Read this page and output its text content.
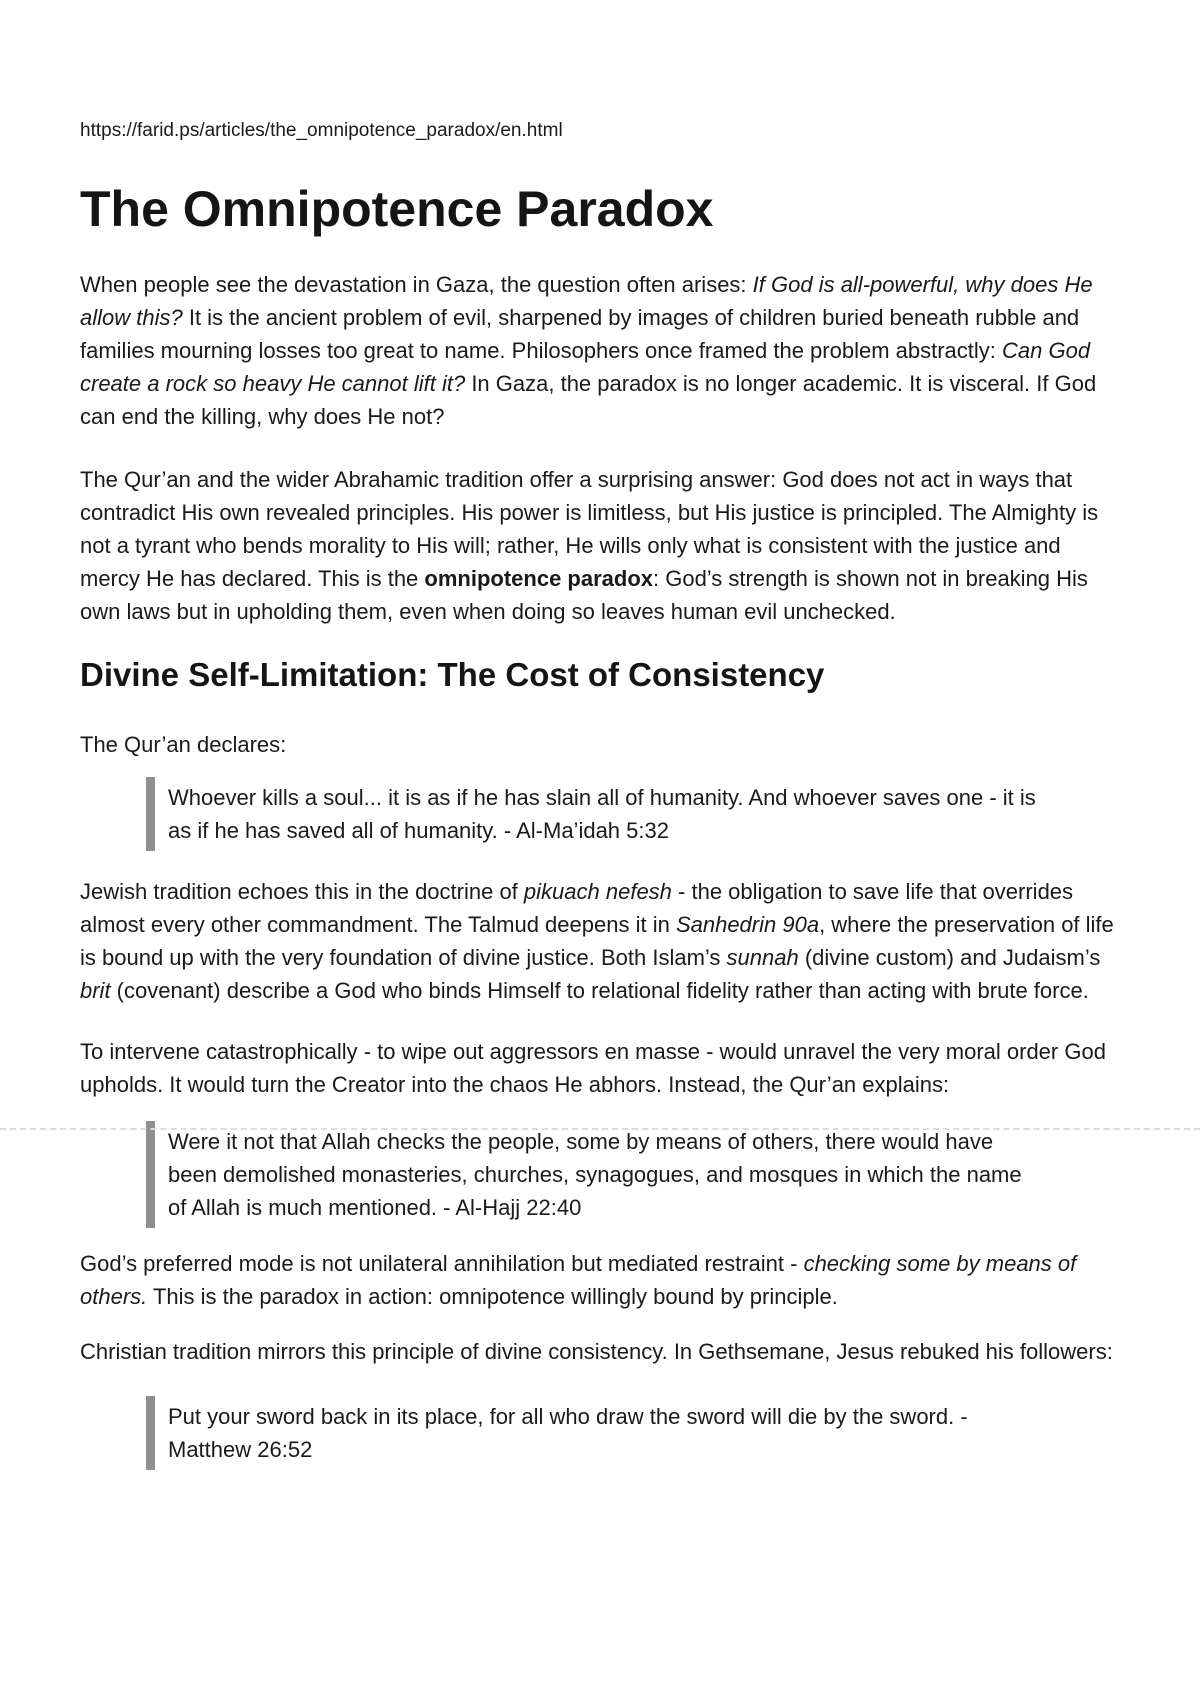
https://farid.ps/articles/the_omnipotence_paradox/en.html

The Omnipotence Paradox

When people see the devastation in Gaza, the question often arises: If God is all-powerful, why does He allow this? It is the ancient problem of evil, sharpened by images of children buried beneath rubble and families mourning losses too great to name. Philosophers once framed the problem abstractly: Can God create a rock so heavy He cannot lift it? In Gaza, the paradox is no longer academic. It is visceral. If God can end the killing, why does He not?

The Qur’an and the wider Abrahamic tradition offer a surprising answer: God does not act in ways that contradict His own revealed principles. His power is limitless, but His justice is principled. The Almighty is not a tyrant who bends morality to His will; rather, He wills only what is consistent with the justice and mercy He has declared. This is the omnipotence paradox: God’s strength is shown not in breaking His own laws but in upholding them, even when doing so leaves human evil unchecked.

Divine Self-Limitation: The Cost of Consistency

The Qur’an declares:

Whoever kills a soul... it is as if he has slain all of humanity. And whoever saves one - it is as if he has saved all of humanity. - Al-Ma’idah 5:32

Jewish tradition echoes this in the doctrine of pikuach nefesh - the obligation to save life that overrides almost every other commandment. The Talmud deepens it in Sanhedrin 90a, where the preservation of life is bound up with the very foundation of divine justice. Both Islam’s sunnah (divine custom) and Judaism’s brit (covenant) describe a God who binds Himself to relational fidelity rather than acting with brute force.

To intervene catastrophically - to wipe out aggressors en masse - would unravel the very moral order God upholds. It would turn the Creator into the chaos He abhors. Instead, the Qur’an explains:

Were it not that Allah checks the people, some by means of others, there would have been demolished monasteries, churches, synagogues, and mosques in which the name of Allah is much mentioned. - Al-Hajj 22:40

God’s preferred mode is not unilateral annihilation but mediated restraint - checking some by means of others. This is the paradox in action: omnipotence willingly bound by principle.

Christian tradition mirrors this principle of divine consistency. In Gethsemane, Jesus rebuked his followers:

Put your sword back in its place, for all who draw the sword will die by the sword. - Matthew 26:52
